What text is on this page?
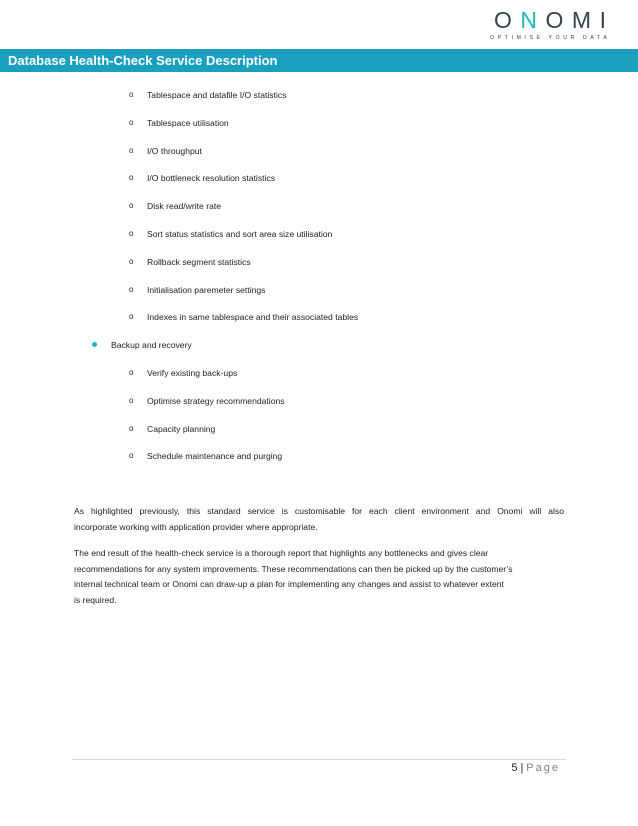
O N O M I
OPTIMISE YOUR DATA
Database Health-Check Service Description
o Tablespace and datafile I/O statistics
o Tablespace utilisation
o I/O throughput
o I/O bottleneck resolution statistics
o Disk read/write rate
o Sort status statistics and sort area size utilisation
o Rollback segment statistics
o Initialisation paremeter settings
o Indexes in same tablespace and their associated tables
Backup and recovery
o Verify existing back-ups
o Optimise strategy recommendations
o Capacity planning
o Schedule maintenance and purging
As highlighted previously, this standard service is customisable for each client environment and Onomi will also
incorporate working with application provider where appropriate.
The end result of the health-check service is a thorough report that highlights any bottlenecks and gives clear
recommendations for any system improvements. These recommendations can then be picked up by the customer’s
internal technical team or Onomi can draw-up a plan for implementing any changes and assist to whatever extent
is required.
5 | Page
